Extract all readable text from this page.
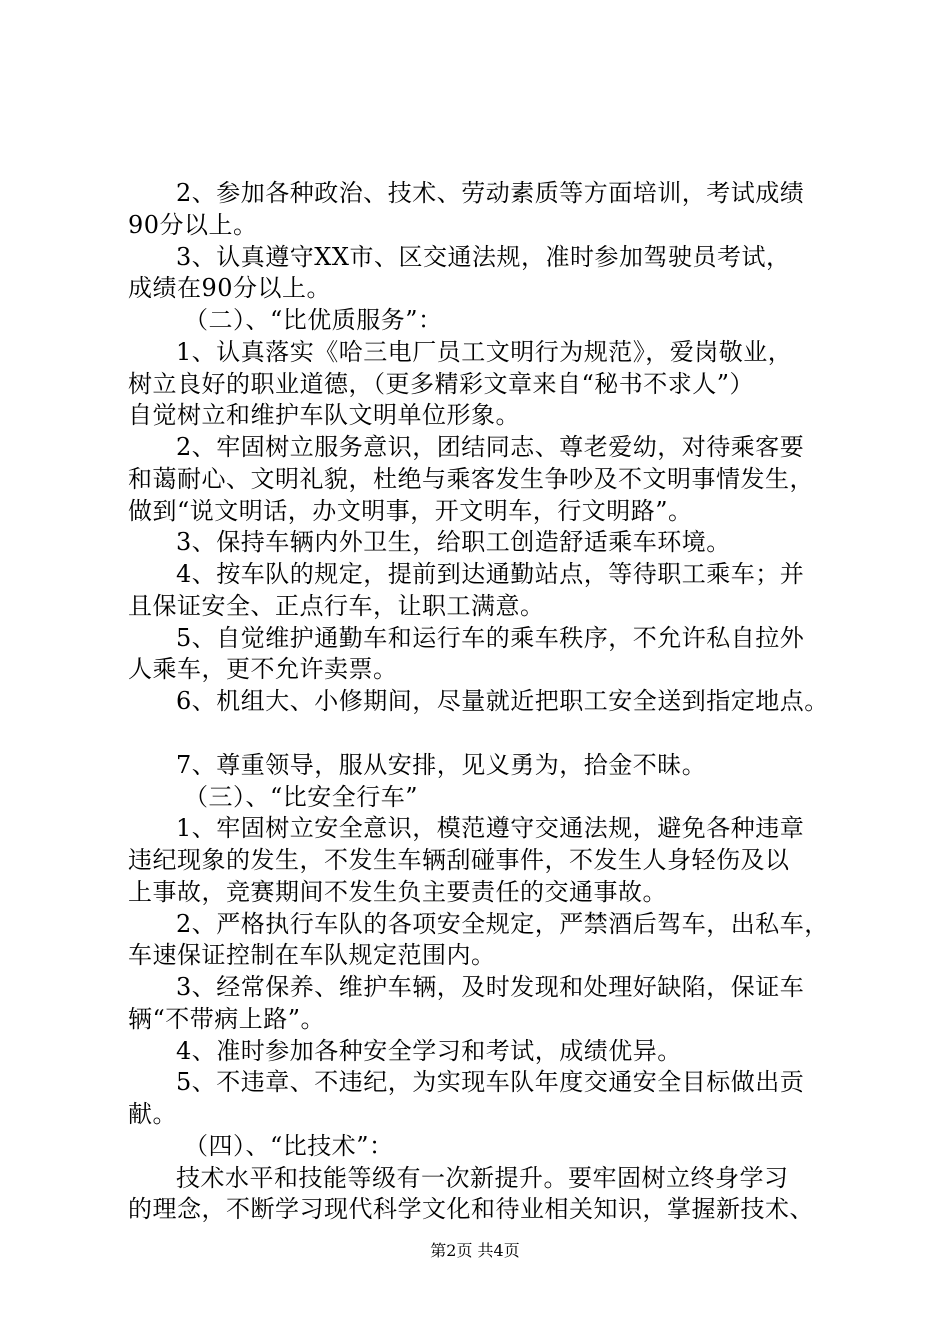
2、参加各种政治、技术、劳动素质等方面培训，考试成绩
90分以上。
3、认真遵守XX市、区交通法规，准时参加驾驶员考试，
成绩在90分以上。
（二）、“比优质服务”：
1、认真落实《哈三电厂员工文明行为规范》，爱岗敬业，
树立良好的职业道德，（更多精彩文章来自“秘书不求人”）
自觉树立和维护车队文明单位形象。
2、牢固树立服务意识，团结同志、尊老爱幼，对待乘客要
和蔼耐心、文明礼貌，杜绝与乘客发生争吵及不文明事情发生，
做到“说文明话，办文明事，开文明车，行文明路”。
3、保持车辆内外卫生，给职工创造舒适乘车环境。
4、按车队的规定，提前到达通勤站点，等待职工乘车；并
且保证安全、正点行车，让职工满意。
5、自觉维护通勤车和运行车的乘车秩序，不允许私自拉外
人乘车，更不允许卖票。
6、机组大、小修期间，尽量就近把职工安全送到指定地点。
7、尊重领导，服从安排，见义勇为，拾金不昧。
（三）、“比安全行车”
1、牢固树立安全意识，模范遵守交通法规，避免各种违章
违纪现象的发生，不发生车辆刮碰事件，不发生人身轻伤及以
上事故，竞赛期间不发生负主要责任的交通事故。
2、严格执行车队的各项安全规定，严禁酒后驾车，出私车，
车速保证控制在车队规定范围内。
3、经常保养、维护车辆，及时发现和处理好缺陷，保证车
辆“不带病上路”。
4、准时参加各种安全学习和考试，成绩优异。
5、不违章、不违纪，为实现车队年度交通安全目标做出贡
献。
（四）、“比技术”：
技术水平和技能等级有一次新提升。要牢固树立终身学习
的理念，不断学习现代科学文化和待业相关知识，掌握新技术、
第2页 共4页
